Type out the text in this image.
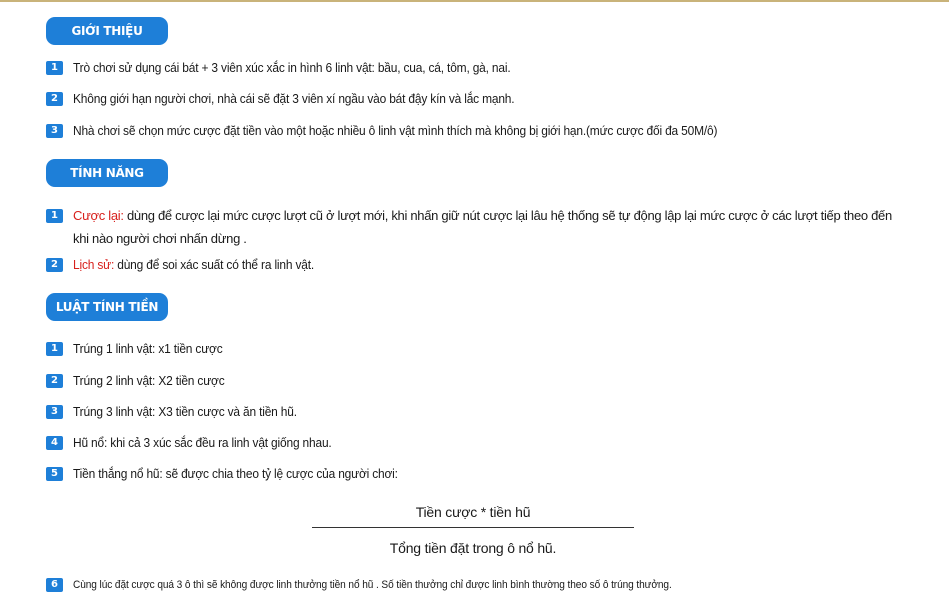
GIỚI THIỆU
1	Trò chơi sử dụng cái bát + 3 viên xúc xắc in hình 6 linh vật: bầu, cua, cá, tôm, gà, nai.
2	Không giới hạn người chơi, nhà cái sẽ đặt 3 viên xí ngầu vào bát đậy kín và lắc mạnh.
3	Nhà chơi sẽ chọn mức cược đặt tiền vào một hoặc nhiều ô linh vật mình thích mà không bị giới hạn.(mức cược đối đa 50M/ô)
TÍNH NĂNG
1	Cược lại: dùng để cược lại mức cược lượt cũ ở lượt mới, khi nhấn giữ nút cược lại lâu hệ thống sẽ tự động lập lại mức cược ở các lượt tiếp theo đến khi nào người chơi nhấn dừng .
2	Lịch sử: dùng để soi xác suất có thể ra linh vật.
LUẬT TÍNH TIỀN
1	Trúng 1 linh vật: x1 tiền cược
2	Trúng 2 linh vật: X2 tiền cược
3	Trúng 3 linh vật: X3 tiền cược và ăn tiền hũ.
4	Hũ nổ: khi cả 3 xúc sắc đều ra linh vật giống nhau.
5	Tiền thắng nổ hũ: sẽ được chia theo tỷ lệ cược của người chơi:
Tiền cược * tiền hũ
Tổng tiền đặt trong ô nổ hũ.
6	Cùng lúc đặt cược quá 3 ô thì sẽ không được linh thưởng tiền nổ hũ . Số tiền thưởng chỉ được linh bình thường theo số ô trúng thưởng.
